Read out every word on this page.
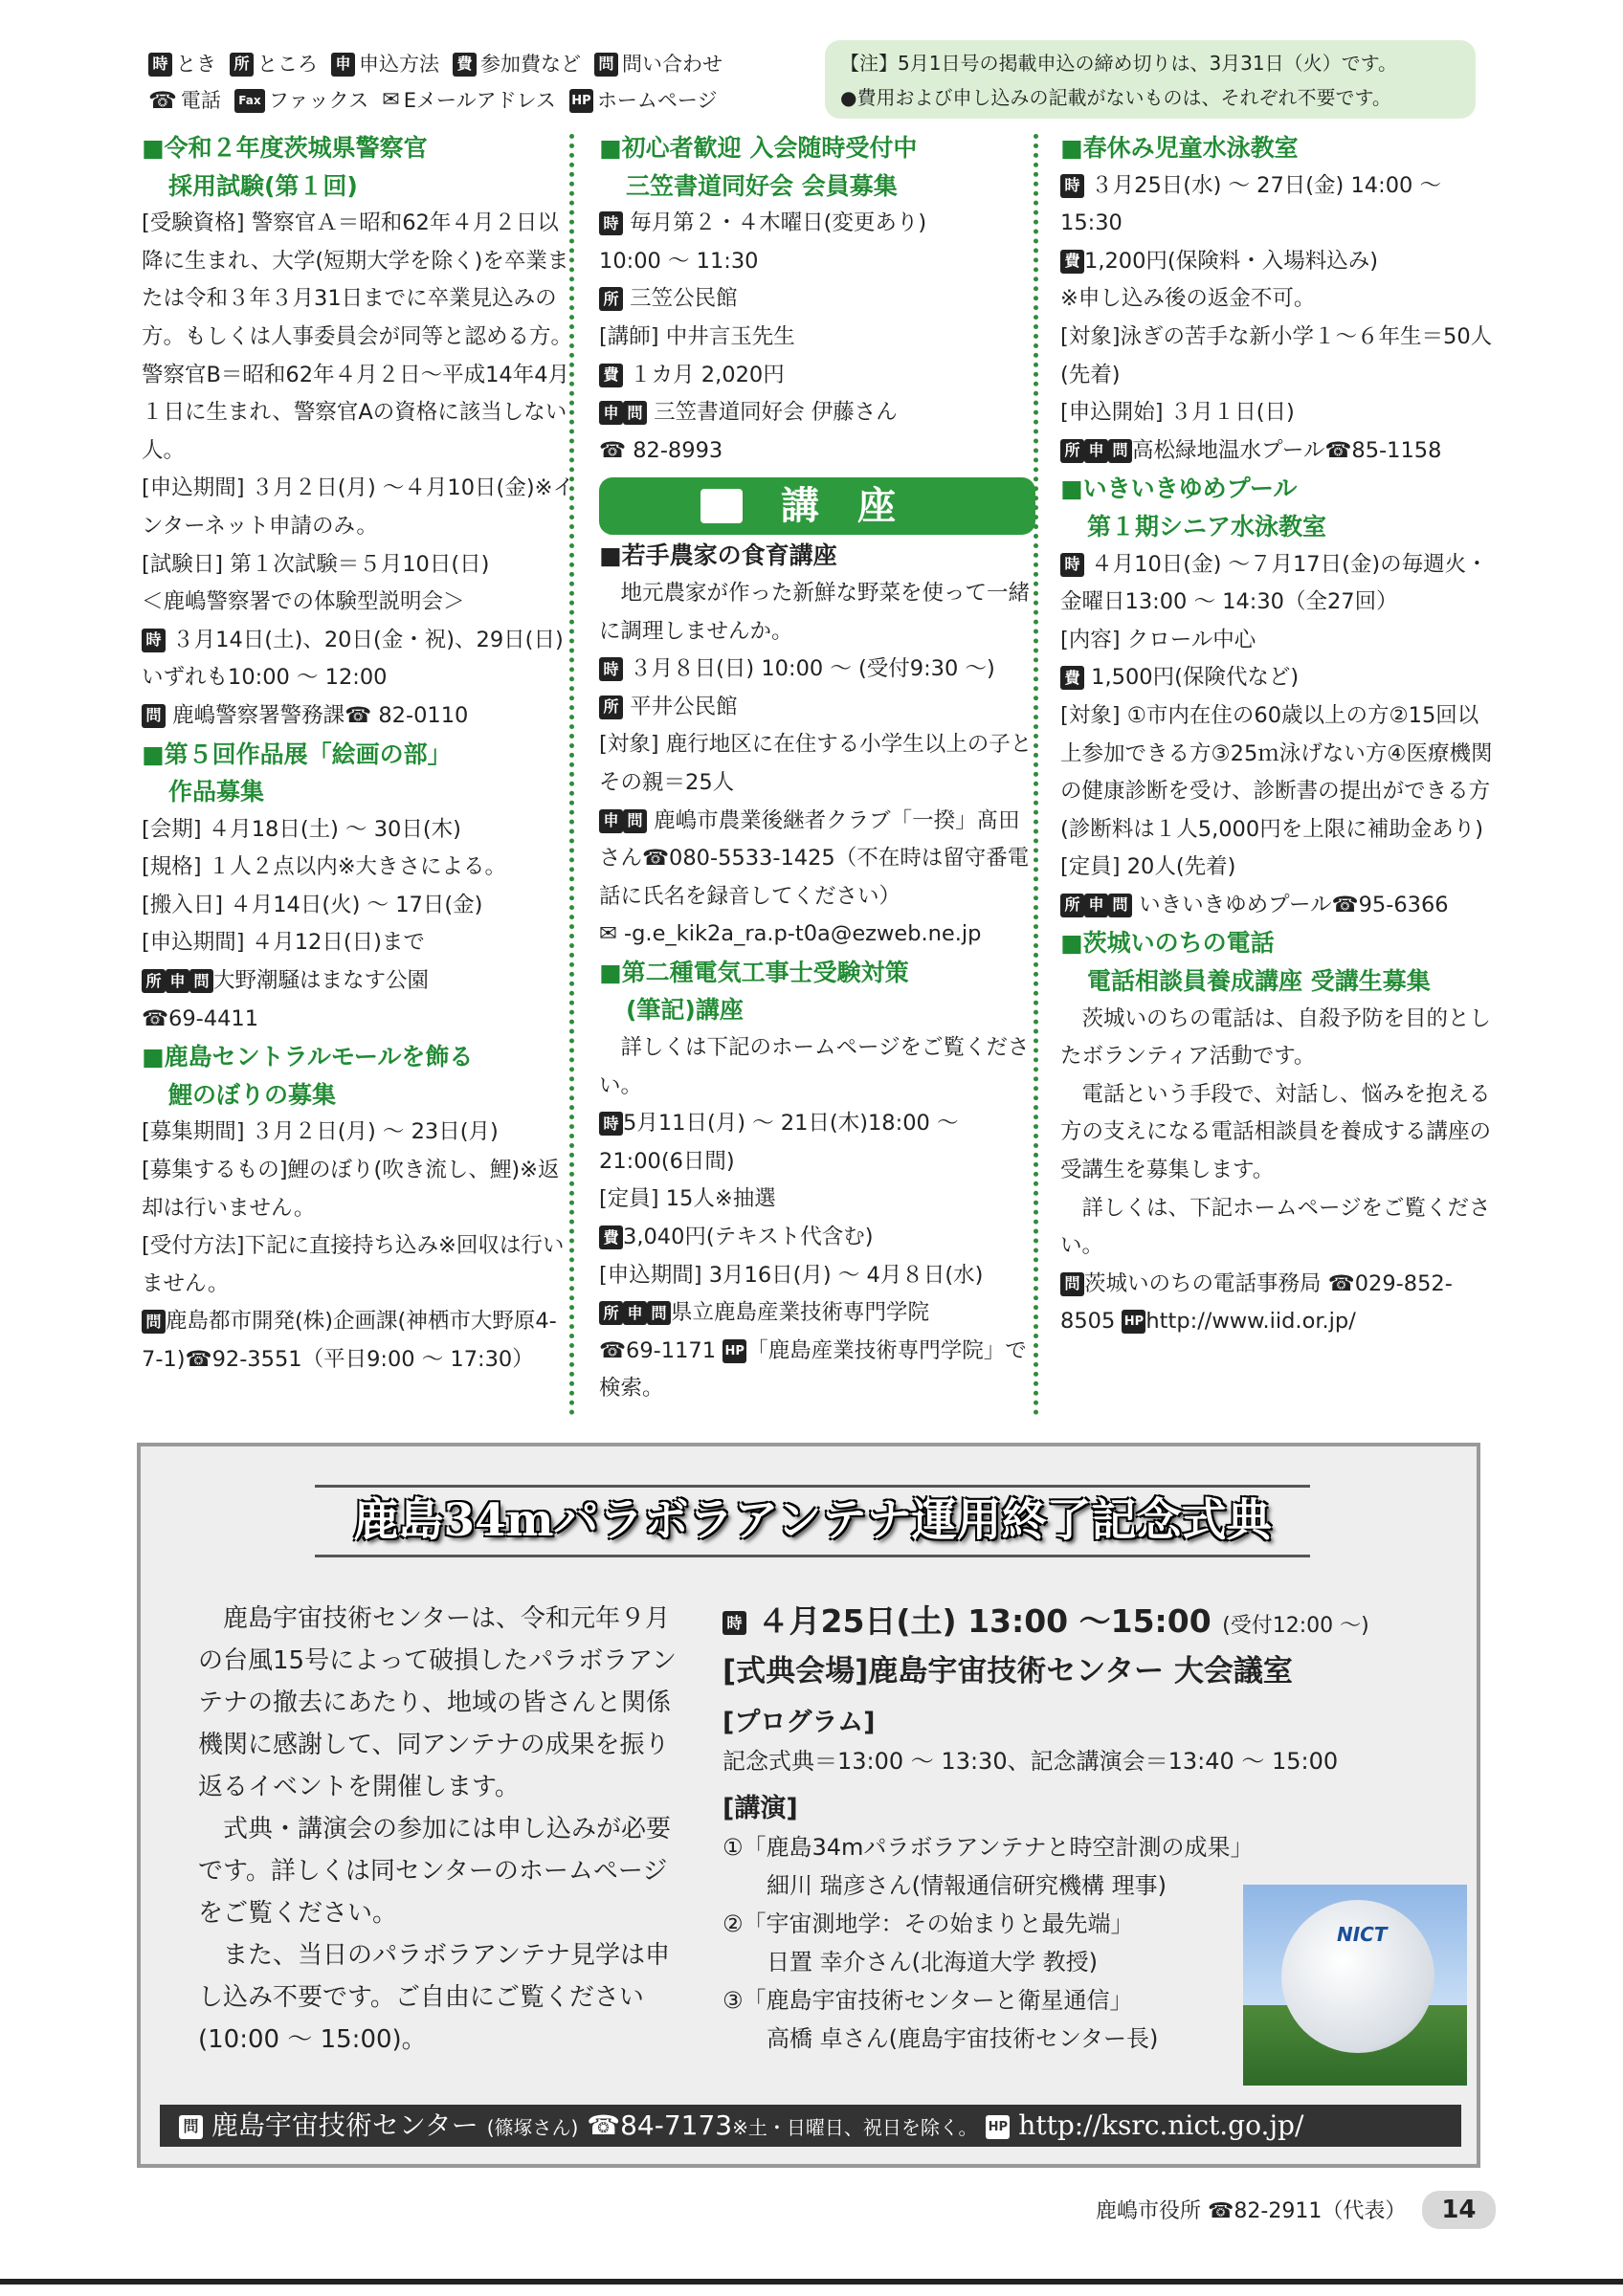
時 とき 所 ところ 申 申込方法 費 参加費など 問 問い合わせ
☎ 電話	Fax ファックス ✉ Eメールアドレス HP ホームページ
【注】5月1日号の掲載申込の締め切りは、3月31日（火）です。
●費用および申し込みの記載がないものは、それぞれ不要です。
■令和２年度茨城県警察官
採用試験(第１回)
[受験資格] 警察官Ａ＝昭和62年４月２日以降に生まれ、大学(短期大学を除く)を卒業または令和３年３月31日までに卒業見込みの方。もしくは人事委員会が同等と認める方。
警察官B＝昭和62年４月２日〜平成14年4月１日に生まれ、警察官Aの資格に該当しない人。
[申込期間] ３月２日(月) 〜４月10日(金)※インターネット申請のみ。
[試験日] 第１次試験＝５月10日(日)
＜鹿嶋警察署での体験型説明会＞
時 ３月14日(土)、20日(金・祝)、29日(日)いずれも10:00 〜 12:00
問 鹿嶋警察署警務課☎ 82-0110
■第５回作品展「絵画の部」
作品募集
[会期] ４月18日(土) 〜 30日(木)
[規格] １人２点以内※大きさによる。
[搬入日] ４月14日(火) 〜 17日(金)
[申込期間] ４月12日(日)まで
所 申 問 大野潮騒はまなす公園
☎69-4411
■鹿島セントラルモールを飾る
鯉のぼりの募集
[募集期間] ３月２日(月) 〜 23日(月)
[募集するもの]鯉のぼり(吹き流し、鯉)※返却は行いません。
[受付方法]下記に直接持ち込み※回収は行いません。
問 鹿島都市開発(株)企画課(神栖市大野原4-7-1)☎92-3551（平日9:00 〜 17:30）
■初心者歓迎 入会随時受付中
三笠書道同好会 会員募集
時 毎月第２・４木曜日(変更あり)
10:00 〜 11:30
所 三笠公民館
[講師] 中井言玉先生
費 １カ月 2,020円
申 問 三笠書道同好会 伊藤さん
☎ 82-8993
講座
■若手農家の食育講座
地元農家が作った新鮮な野菜を使って一緒に調理しませんか。
時 ３月８日(日) 10:00 〜 (受付9:30 〜)
所 平井公民館
[対象] 鹿行地区に在住する小学生以上の子とその親＝25人
申 問 鹿嶋市農業後継者クラブ「一揆」髙田さん☎080-5533-1425（不在時は留守番電話に氏名を録音してください）
✉ -g.e_kik2a_ra.p-t0a@ezweb.ne.jp
■第二種電気工事士受験対策
(筆記)講座
詳しくは下記のホームページをご覧ください。
時 5月11日(月) 〜 21日(木)18:00 〜 21:00(6日間)
[定員] 15人※抽選
費 3,040円(テキスト代含む)
[申込期間] 3月16日(月) 〜 4月８日(水)
所 申 問 県立鹿島産業技術専門学院
☎69-1171 HP 「鹿島産業技術専門学院」で検索。
■春休み児童水泳教室
時 ３月25日(水) 〜 27日(金) 14:00 〜 15:30
費 1,200円(保険料・入場料込み)
※申し込み後の返金不可。
[対象]泳ぎの苦手な新小学１〜６年生＝50人(先着)
[申込開始] ３月１日(日)
所 申 問 高松緑地温水プール☎85-1158
■いきいきゆめプール
第１期シニア水泳教室
時 ４月10日(金) 〜７月17日(金)の毎週火・金曜日13:00 〜 14:30（全27回）
[内容] クロール中心
費 1,500円(保険代など)
[対象] ①市内在住の60歳以上の方②15回以上参加できる方③25ｍ泳げない方④医療機関の健康診断を受け、診断書の提出ができる方(診断料は１人5,000円を上限に補助金あり)
[定員] 20人(先着)
所 申 問 いきいきゆめプール☎95-6366
■茨城いのちの電話
電話相談員養成講座 受講生募集
茨城いのちの電話は、自殺予防を目的としたボランティア活動です。
電話という手段で、対話し、悩みを抱える方の支えになる電話相談員を養成する講座の受講生を募集します。
詳しくは、下記ホームページをご覧ください。
問 茨城いのちの電話事務局 ☎029-852-8505 HP http://www.iid.or.jp/
鹿島34mパラボラアンテナ運用終了記念式典
鹿島宇宙技術センターは、令和元年９月の台風15号によって破損したパラボラアンテナの撤去にあたり、地域の皆さんと関係機関に感謝して、同アンテナの成果を振り返るイベントを開催します。
式典・講演会の参加には申し込みが必要です。詳しくは同センターのホームページをご覧ください。
また、当日のパラボラアンテナ見学は申し込み不要です。ご自由にご覧ください(10:00 〜 15:00)。
時 ４月25日(土) 13:00 〜15:00 (受付12:00 〜)
[式典会場]鹿島宇宙技術センター 大会議室
[プログラム]
記念式典＝13:00 〜 13:30、記念講演会＝13:40 〜 15:00
[講演]
①「鹿島34mパラボラアンテナと時空計測の成果」
細川 瑞彦さん(情報通信研究機構 理事)
②「宇宙測地学：その始まりと最先端」
日置 幸介さん(北海道大学 教授)
③「鹿島宇宙技術センターと衛星通信」
高橋 卓さん(鹿島宇宙技術センター長)
NICT
問 鹿島宇宙技術センター (篠塚さん) ☎84-7173※土・日曜日、祝日を除く。 HP http://ksrc.nict.go.jp/
鹿嶋市役所 ☎82-2911（代表） 14
